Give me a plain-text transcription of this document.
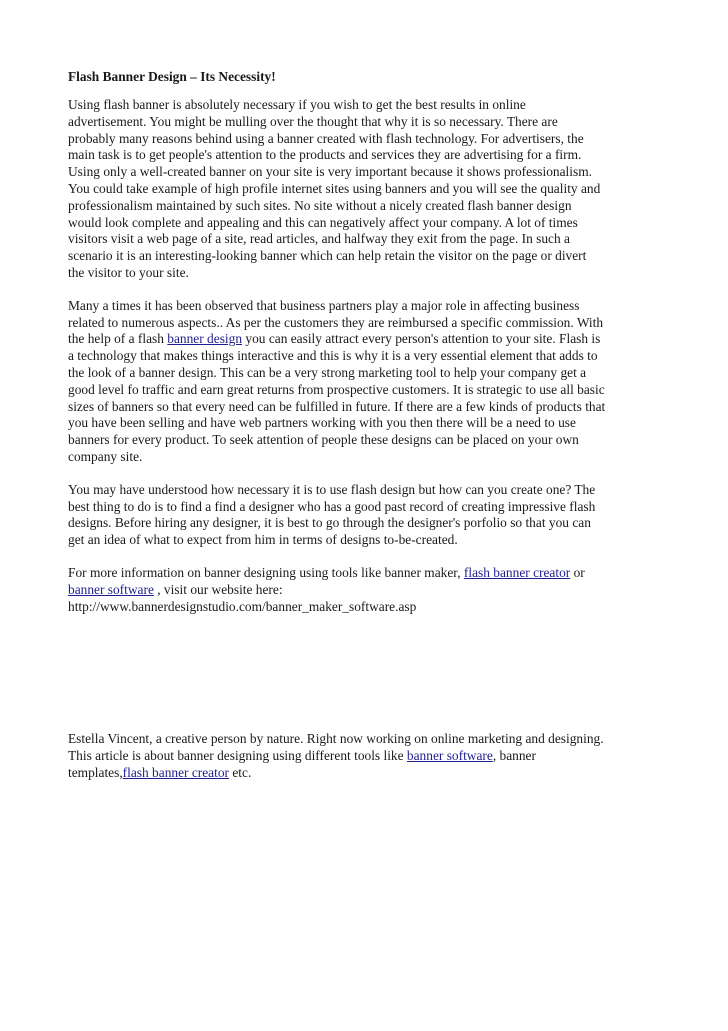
Flash Banner Design – Its Necessity!
Using flash banner is absolutely necessary if you wish to get the best results in online
advertisement. You might be mulling over the thought that why it is so necessary. There are
probably many reasons behind using a banner created with flash technology. For advertisers, the
main task is to get people's attention to the products and services they are advertising for a firm.
Using only a well-created banner on your site is very important because it shows professionalism.
You could take example of high profile internet sites using banners and you will see the quality and
professionalism maintained by such sites. No site without a nicely created flash banner design
would look complete and appealing and this can negatively affect your company. A lot of times
visitors visit a web page of a site, read articles, and halfway they exit from the page. In such a
scenario it is an interesting-looking banner which can help retain the visitor on the page or divert
the visitor to your site.
Many a times it has been observed that business partners play a major role in affecting business
related to numerous aspects.. As per the customers they are reimbursed a specific commission. With
the help of a flash banner design you can easily attract every person's attention to your site. Flash is
a technology that makes things interactive and this is why it is a very essential element that adds to
the look of a banner design. This can be a very strong marketing tool to help your company get a
good level fo traffic and earn great returns from prospective customers. It is strategic to use all basic
sizes of banners so that every need can be fulfilled in future. If there are a few kinds of products that
you have been selling and have web partners working with you then there will be a need to use
banners for every product. To seek attention of people these designs can be placed on your own
company site.
You may have understood how necessary it is to use flash design but how can you create one? The
best thing to do is to find a find a designer who has a good past record of creating impressive flash
designs. Before hiring any designer, it is best to go through the designer's porfolio so that you can
get an idea of what to expect from him in terms of designs to-be-created.
For more information on banner designing using tools like banner maker, flash banner creator or
banner software , visit our website here:
http://www.bannerdesignstudio.com/banner_maker_software.asp
Estella Vincent, a creative person by nature. Right now working on online marketing and designing.
This article is about banner designing using different tools like banner software, banner
templates,flash banner creator etc.
